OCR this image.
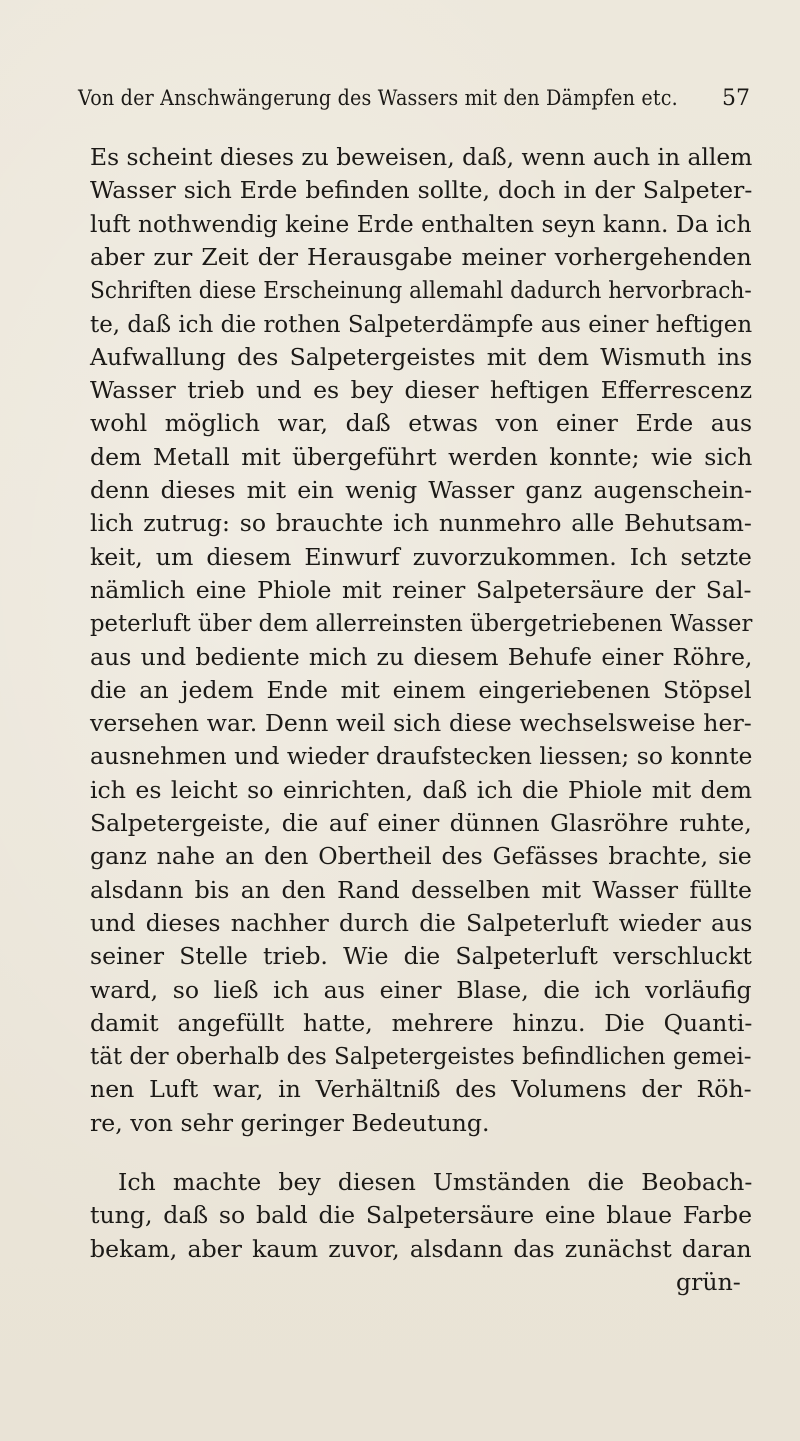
Von der Anschwängerung des Wassers mit den Dämpfen etc. 57
Es scheint dieses zu beweisen, daß, wenn auch in allem
Wasser sich Erde befinden sollte, doch in der Salpeter-
luft nothwendig keine Erde enthalten seyn kann. Da ich
aber zur Zeit der Herausgabe meiner vorhergehenden
Schriften diese Erscheinung allemahl dadurch hervorbrach-
te, daß ich die rothen Salpeterdämpfe aus einer heftigen
Aufwallung des Salpetergeistes mit dem Wismuth ins
Wasser trieb und es bey dieser heftigen Efferrescenz
wohl möglich war, daß etwas von einer Erde aus
dem Metall mit übergeführt werden konnte; wie sich
denn dieses mit ein wenig Wasser ganz augenschein-
lich zutrug: so brauchte ich nunmehro alle Behutsam-
keit, um diesem Einwurf zuvorzukommen. Ich setzte
nämlich eine Phiole mit reiner Salpetersäure der Sal-
peterluft über dem allerreinsten übergetriebenen Wasser
aus und bediente mich zu diesem Behufe einer Röhre,
die an jedem Ende mit einem eingeriebenen Stöpsel
versehen war. Denn weil sich diese wechselsweise her-
ausnehmen und wieder draufstecken liessen; so konnte
ich es leicht so einrichten, daß ich die Phiole mit dem
Salpetergeiste, die auf einer dünnen Glasröhre ruhte,
ganz nahe an den Obertheil des Gefässes brachte, sie
alsdann bis an den Rand desselben mit Wasser füllte
und dieses nachher durch die Salpeterluft wieder aus
seiner Stelle trieb. Wie die Salpeterluft verschluckt
ward, so ließ ich aus einer Blase, die ich vorläufig
damit angefüllt hatte, mehrere hinzu. Die Quanti-
tät der oberhalb des Salpetergeistes befindlichen gemei-
nen Luft war, in Verhältniß des Volumens der Röh-
re, von sehr geringer Bedeutung.
Ich machte bey diesen Umständen die Beobach-
tung, daß so bald die Salpetersäure eine blaue Farbe
bekam, aber kaum zuvor, alsdann das zunächst daran
grün-
